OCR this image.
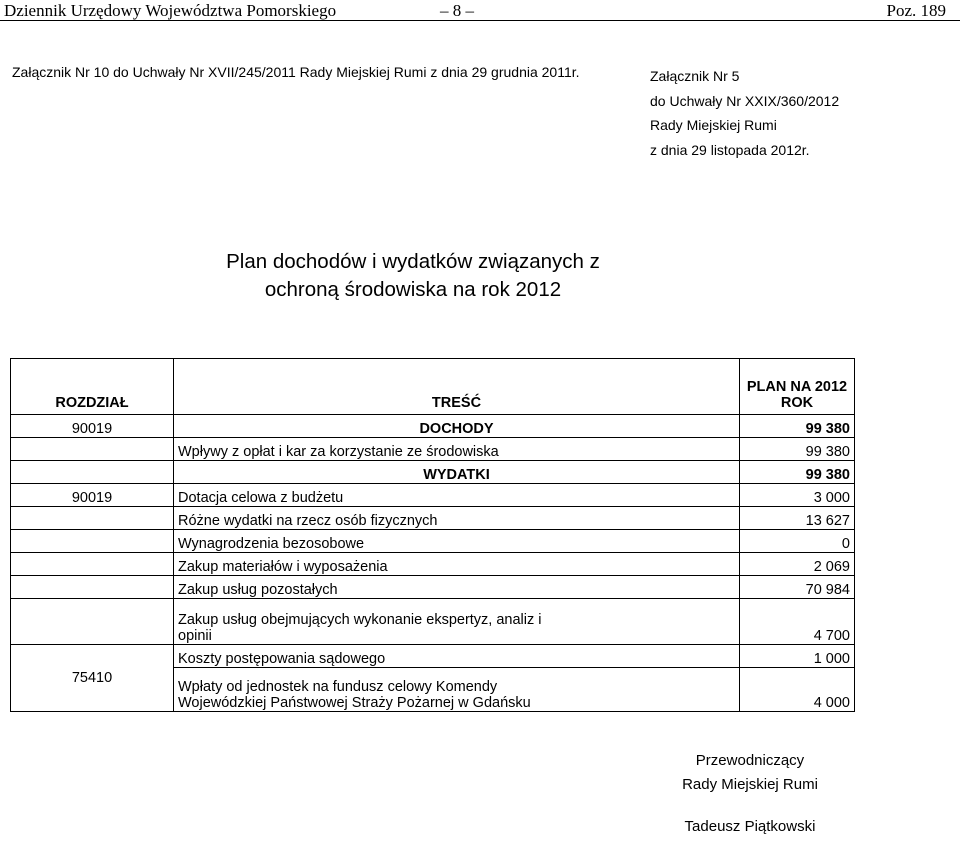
Dziennik Urzędowy Województwa Pomorskiego	– 8 –	Poz. 189
Załącznik Nr 10 do Uchwały Nr XVII/245/2011 Rady Miejskiej Rumi z dnia 29 grudnia 2011r.	Załącznik Nr 5
do Uchwały Nr XXIX/360/2012
Rady Miejskiej Rumi
z dnia 29 listopada 2012r.
Plan dochodów i wydatków związanych z
ochroną środowiska na rok 2012
ROZDZIAŁ	TREŚĆ	PLAN NA 2012 ROK
90019	DOCHODY	99 380
	Wpływy z opłat i kar za korzystanie ze środowiska	99 380
	WYDATKI	99 380
90019	Dotacja celowa z budżetu	3 000
	Różne wydatki na rzecz osób fizycznych	13 627
	Wynagrodzenia bezosobowe	0
	Zakup materiałów i wyposażenia	2 069
	Zakup usług pozostałych	70 984

	Zakup usług obejmujących wykonanie ekspertyz, analiz i
opinii	4 700
75410	Koszty postępowania sądowego	1 000

	Wpłaty od jednostek na fundusz celowy Komendy
Wojewódzkiej Państwowej Straży Pożarnej w Gdańsku	4 000
Przewodniczący
Rady Miejskiej Rumi
Tadeusz Piątkowski
